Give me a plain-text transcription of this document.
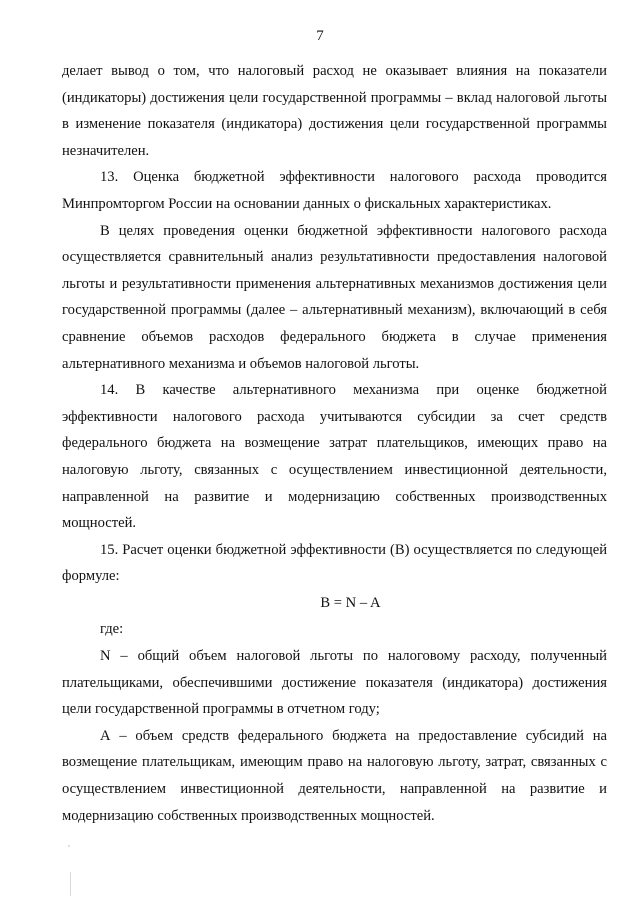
7

делает вывод о том, что налоговый расход не оказывает влияния на показатели (индикаторы) достижения цели государственной программы – вклад налоговой льготы в изменение показателя (индикатора) достижения цели государственной программы незначителен.

13. Оценка бюджетной эффективности налогового расхода проводится Минпромторгом России на основании данных о фискальных характеристиках.

В целях проведения оценки бюджетной эффективности налогового расхода осуществляется сравнительный анализ результативности предоставления налоговой льготы и результативности применения альтернативных механизмов достижения цели государственной программы (далее – альтернативный механизм), включающий в себя сравнение объемов расходов федерального бюджета в случае применения альтернативного механизма и объемов налоговой льготы.

14. В качестве альтернативного механизма при оценке бюджетной эффективности налогового расхода учитываются субсидии за счет средств федерального бюджета на возмещение затрат плательщиков, имеющих право на налоговую льготу, связанных с осуществлением инвестиционной деятельности, направленной на развитие и модернизацию собственных производственных мощностей.

15. Расчет оценки бюджетной эффективности (В) осуществляется по следующей формуле:

B = N – A

где:

N – общий объем налоговой льготы по налоговому расходу, полученный плательщиками, обеспечившими достижение показателя (индикатора) достижения цели государственной программы в отчетном году;

А – объем средств федерального бюджета на предоставление субсидий на возмещение плательщикам, имеющим право на налоговую льготу, затрат, связанных с осуществлением инвестиционной деятельности, направленной на развитие и модернизацию собственных производственных мощностей.
